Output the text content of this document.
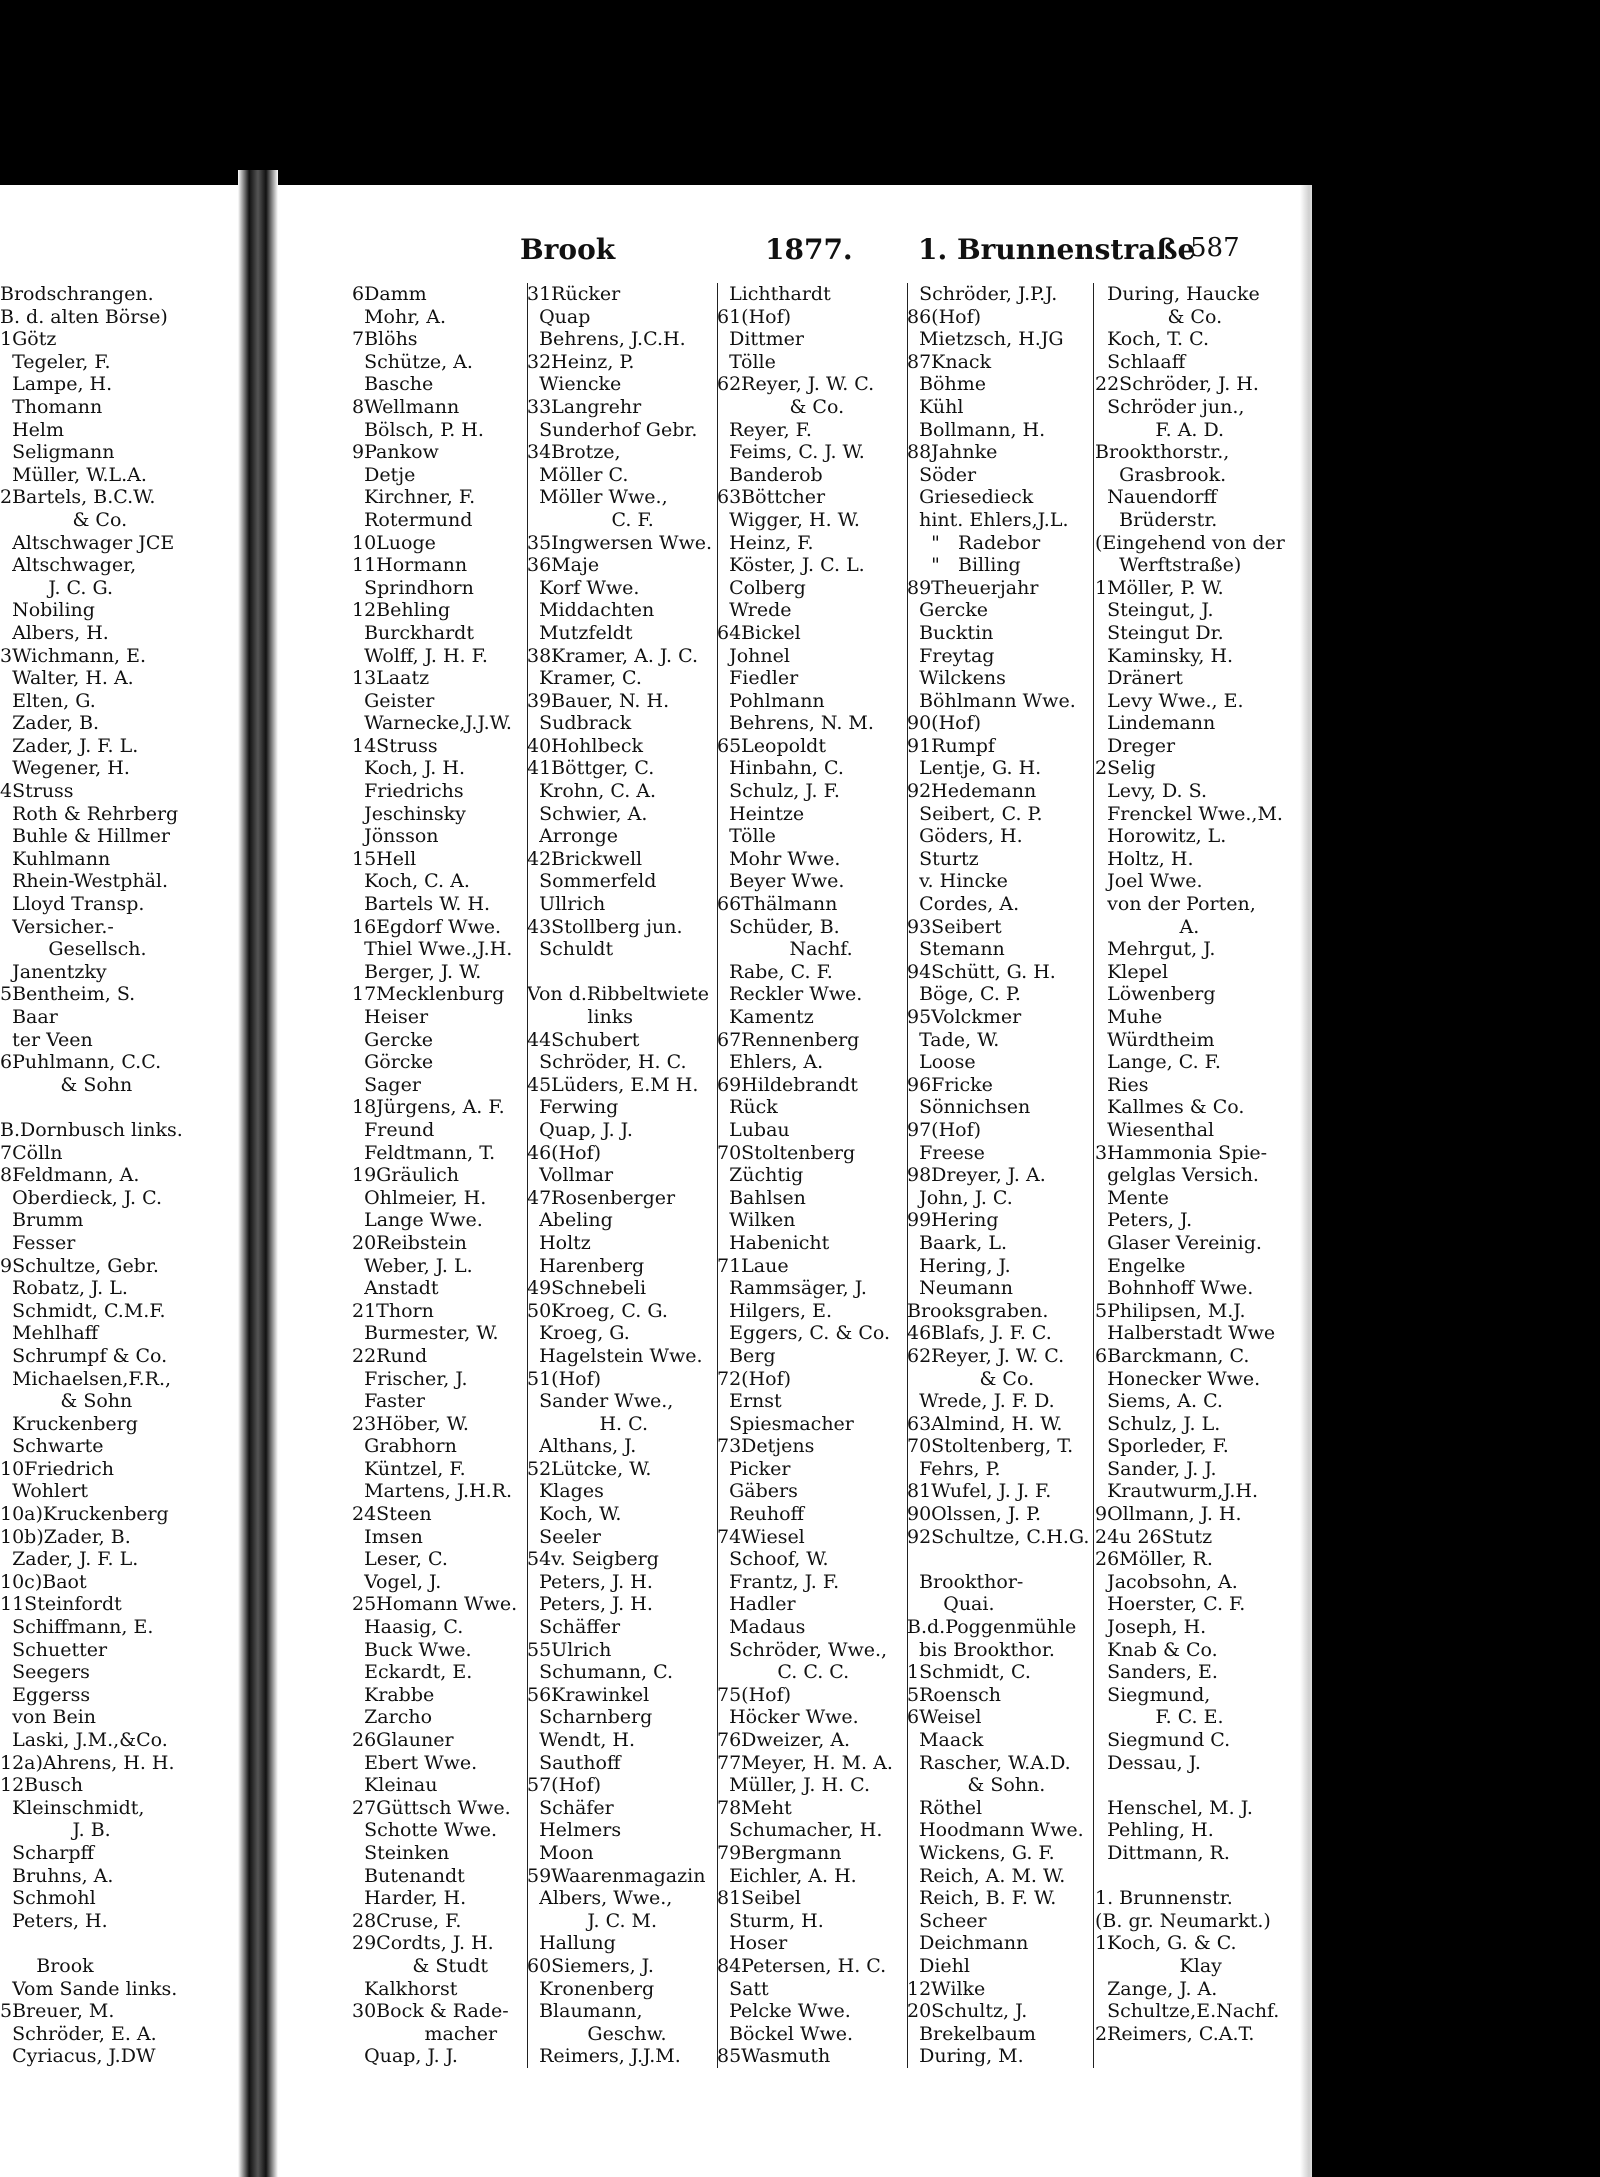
Brook	1877. 1. Brunnenstraße
587
Brodschrangen.
B. d. alten Börse)
1Götz
Tegeler, F.
Lampe, H.
Thomann
Helm
Seligmann
Müller, W.L.A.
2Bartels, B.C.W.
& Co.
Altschwager JCE
Altschwager,
J. C. G.
Nobiling
Albers, H.
3Wichmann, E.
Walter, H. A.
Elten, G.
Zader, B.
Zader, J. F. L.
Wegener, H.
4Struss
Roth & Rehrberg
Buhle & Hillmer
Kuhlmann
Rhein-Westphäl.
Lloyd Transp.
Versicher.-
Gesellsch.
Janentzky
5Bentheim, S.
Baar
ter Veen
6Puhlmann, C.C.
& Sohn
B.Dornbusch links.
7Cölln
8Feldmann, A.
Oberdieck, J. C.
Brumm
Fesser
9Schultze, Gebr.
Robatz, J. L.
Schmidt, C.M.F.
Mehlhaff
Schrumpf & Co.
Michaelsen,F.R.,
& Sohn
Kruckenberg
Schwarte
10Friedrich
Wohlert
10a)Kruckenberg
10b)Zader, B.
Zader, J. F. L.
10c)Baot
11Steinfordt
Schiffmann, E.
Schuetter
Seegers
Eggerss
von Bein
Laski, J.M.,&Co.
12a)Ahrens, H. H.
12Busch
Kleinschmidt,
J. B.
Scharpff
Bruhns, A.
Schmohl
Peters, H.
Brook
Vom Sande links.
5Breuer, M.
Schröder, E. A.
Cyriacus, J.DW
6Damm
Mohr, A.
7Blöhs
Schütze, A.
Basche
8Wellmann
Bölsch, P. H.
9Pankow
Detje
Kirchner, F.
Rotermund
10Luoge
11Hormann
Sprindhorn
12Behling
Burckhardt
Wolff, J. H. F.
13Laatz
Geister
Warnecke,J.J.W.
14Struss
Koch, J. H.
Friedrichs
Jeschinsky
Jönsson
15Hell
Koch, C. A.
Bartels W. H.
16Egdorf Wwe.
Thiel Wwe.,J.H.
Berger, J. W.
17Mecklenburg
Heiser
Gercke
Görcke
Sager
18Jürgens, A. F.
Freund
Feldtmann, T.
19Gräulich
Ohlmeier, H.
Lange Wwe.
20Reibstein
Weber, J. L.
Anstadt
21Thorn
Burmester, W.
22Rund
Frischer, J.
Faster
23Höber, W.
Grabhorn
Küntzel, F.
Martens, J.H.R.
24Steen
Imsen
Leser, C.
Vogel, J.
25Homann Wwe.
Haasig, C.
Buck Wwe.
Eckardt, E.
Krabbe
Zarcho
26Glauner
Ebert Wwe.
Kleinau
27Güttsch Wwe.
Schotte Wwe.
Steinken
Butenandt
Harder, H.
28Cruse, F.
29Cordts, J. H.
& Studt
Kalkhorst
30Bock & Rade-
macher
Quap, J. J.
31Rücker
Quap
Behrens, J.C.H.
32Heinz, P.
Wiencke
33Langrehr
Sunderhof Gebr.
34Brotze,
Möller C.
Möller Wwe.,
C. F.
35Ingwersen Wwe.
36Maje
Korf Wwe.
Middachten
Mutzfeldt
38Kramer, A. J. C.
Kramer, C.
39Bauer, N. H.
Sudbrack
40Hohlbeck
41Böttger, C.
Krohn, C. A.
Schwier, A.
Arronge
42Brickwell
Sommerfeld
Ullrich
43Stollberg jun.
Schuldt
Von d.Ribbeltwiete
links
44Schubert
Schröder, H. C.
45Lüders, E.M H.
Ferwing
Quap, J. J.
46(Hof)
Vollmar
47Rosenberger
Abeling
Holtz
Harenberg
49Schnebeli
50Kroeg, C. G.
Kroeg, G.
Hagelstein Wwe.
51(Hof)
Sander Wwe.,
H. C.
Althans, J.
52Lütcke, W.
Klages
Koch, W.
Seeler
54v. Seigberg
Peters, J. H.
Peters, J. H.
Schäffer
55Ulrich
Schumann, C.
56Krawinkel
Scharnberg
Wendt, H.
Sauthoff
57(Hof)
Schäfer
Helmers
Moon
59Waarenmagazin
Albers, Wwe.,
J. C. M.
Hallung
60Siemers, J.
Kronenberg
Blaumann,
Geschw.
Reimers, J.J.M.
Lichthardt
61(Hof)
Dittmer
Tölle
62Reyer, J. W. C.
& Co.
Reyer, F.
Feims, C. J. W.
Banderob
63Böttcher
Wigger, H. W.
Heinz, F.
Köster, J. C. L.
Colberg
Wrede
64Bickel
Johnel
Fiedler
Pohlmann
Behrens, N. M.
65Leopoldt
Hinbahn, C.
Schulz, J. F.
Heintze
Tölle
Mohr Wwe.
Beyer Wwe.
66Thälmann
Schüder, B.
Nachf.
Rabe, C. F.
Reckler Wwe.
Kamentz
67Rennenberg
Ehlers, A.
69Hildebrandt
Rück
Lubau
70Stoltenberg
Züchtig
Bahlsen
Wilken
Habenicht
71Laue
Rammsäger, J.
Hilgers, E.
Eggers, C. & Co.
Berg
72(Hof)
Ernst
Spiesmacher
73Detjens
Picker
Gäbers
Reuhoff
74Wiesel
Schoof, W.
Frantz, J. F.
Hadler
Madaus
Schröder, Wwe.,
C. C. C.
75(Hof)
Höcker Wwe.
76Dweizer, A.
77Meyer, H. M. A.
Müller, J. H. C.
78Meht
Schumacher, H.
79Bergmann
Eichler, A. H.
81Seibel
Sturm, H.
Hoser
84Petersen, H. C.
Satt
Pelcke Wwe.
Böckel Wwe.
85Wasmuth
Schröder, J.P.J.
86(Hof)
Mietzsch, H.JG
87Knack
Böhme
Kühl
Bollmann, H.
88Jahnke
Söder
Griesedieck
hint. Ehlers,J.L.
"   Radebor
"   Billing
89Theuerjahr
Gercke
Bucktin
Freytag
Wilckens
Böhlmann Wwe.
90(Hof)
91Rumpf
Lentje, G. H.
92Hedemann
Seibert, C. P.
Göders, H.
Sturtz
v. Hincke
Cordes, A.
93Seibert
Stemann
94Schütt, G. H.
Böge, C. P.
95Volckmer
Tade, W.
Loose
96Fricke
Sönnichsen
97(Hof)
Freese
98Dreyer, J. A.
John, J. C.
99Hering
Baark, L.
Hering, J.
Neumann
Brooksgraben.
46Blafs, J. F. C.
62Reyer, J. W. C.
& Co.
Wrede, J. F. D.
63Almind, H. W.
70Stoltenberg, T.
Fehrs, P.
81Wufel, J. J. F.
90Olssen, J. P.
92Schultze, C.H.G.
Brookthor-
Quai.
B.d.Poggenmühle
bis Brookthor.
1Schmidt, C.
5Roensch
6Weisel
Maack
Rascher, W.A.D.
& Sohn.
Röthel
Hoodmann Wwe.
Wickens, G. F.
Reich, A. M. W.
Reich, B. F. W.
Scheer
Deichmann
Diehl
12Wilke
20Schultz, J.
Brekelbaum
During, M.
During, Haucke
& Co.
Koch, T. C.
Schlaaff
22Schröder, J. H.
Schröder jun.,
F. A. D.
Brookthorstr.,
Grasbrook.
Nauendorff
Brüderstr.
(Eingehend von der
Werftstraße)
1Möller, P. W.
Steingut, J.
Steingut Dr.
Kaminsky, H.
Dränert
Levy Wwe., E.
Lindemann
Dreger
2Selig
Levy, D. S.
Frenckel Wwe.,M.
Horowitz, L.
Holtz, H.
Joel Wwe.
von der Porten,
A.
Mehrgut, J.
Klepel
Löwenberg
Muhe
Würdtheim
Lange, C. F.
Ries
Kallmes & Co.
Wiesenthal
3Hammonia Spie-
gelglas Versich.
Mente
Peters, J.
Glaser Vereinig.
Engelke
Bohnhoff Wwe.
5Philipsen, M.J.
Halberstadt Wwe
6Barckmann, C.
Honecker Wwe.
Siems, A. C.
Schulz, J. L.
Sporleder, F.
Sander, J. J.
Krautwurm,J.H.
9Ollmann, J. H.
24u 26Stutz
26Möller, R.
Jacobsohn, A.
Hoerster, C. F.
Joseph, H.
Knab & Co.
Sanders, E.
Siegmund,
F. C. E.
Siegmund C.
Dessau, J.
Henschel, M. J.
Pehling, H.
Dittmann, R.
1. Brunnenstr.
(B. gr. Neumarkt.)
1Koch, G. & C.
Klay
Zange, J. A.
Schultze,E.Nachf.
2Reimers, C.A.T.
